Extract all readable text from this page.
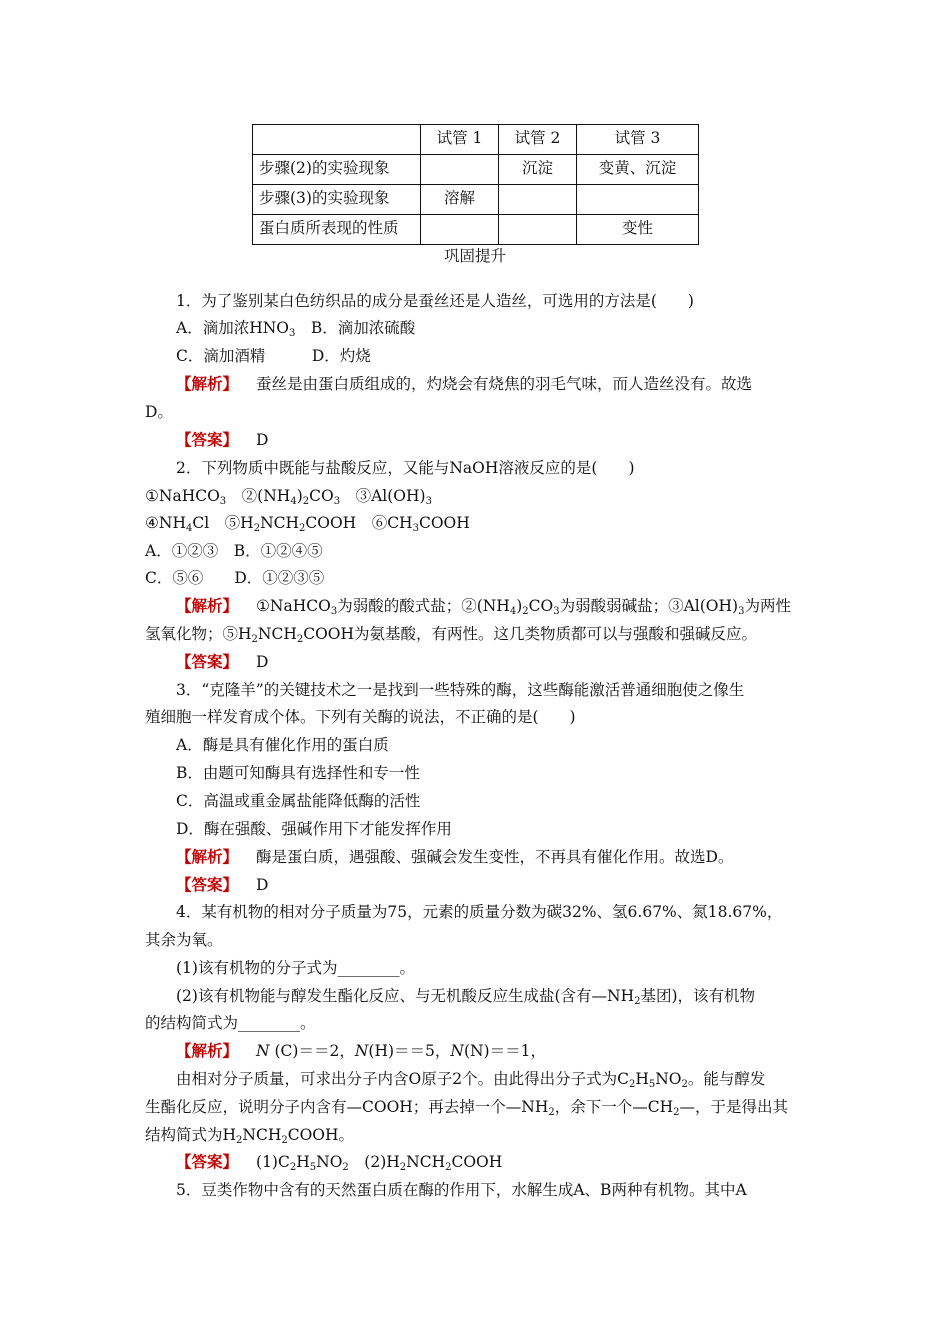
	试管 1	试管 2	试管 3
步骤(2)的实验现象		沉淀	变黄、沉淀
步骤(3)的实验现象	溶解		
蛋白质所表现的性质			变性
巩固提升
1．为了鉴别某白色纺织品的成分是蚕丝还是人造丝，可选用的方法是(　　)
A．滴加浓$HNO_3$　B．滴加浓硫酸
C．滴加酒精　　　D．灼烧
【解析】 蚕丝是由蛋白质组成的，灼烧会有烧焦的羽毛气味，而人造丝没有。故选
D。
【答案】 D
2．下列物质中既能与盐酸反应，又能与NaOH溶液反应的是(　　)
①NaHCO$_3$　$②(NH_4)_2CO_3$　$③Al(OH)_3$
$④NH_4Cl$　$⑤H_2NCH_2COOH$　$⑥CH_3COOH$
A．①②③　B．①②④⑤
C．⑤⑥　　D．①②③⑤
【解析】 ①NaHCO$_3$为弱酸的酸式盐；$②(NH_4)_2CO_3$为弱酸弱碱盐；$③Al(OH)_3$为两性
氢氧化物；$⑤H_2NCH_2COOH$为氨基酸，有两性。这几类物质都可以与强酸和强碱反应。
【答案】 D
3．“克隆羊”的关键技术之一是找到一些特殊的酶，这些酶能激活普通细胞使之像生
殖细胞一样发育成个体。下列有关酶的说法，不正确的是(　　)
A．酶是具有催化作用的蛋白质
B．由题可知酶具有选择性和专一性
C．高温或重金属盐能降低酶的活性
D．酶在强酸、强碱作用下才能发挥作用
【解析】 酶是蛋白质，遇强酸、强碱会发生变性，不再具有催化作用。故选D。
【答案】 D
4．某有机物的相对分子质量为75，元素的质量分数为碳32%、氢6.67%、氮18.67%，
其余为氧。
(1)该有机物的分子式为________。
(2)该有机物能与醇发生酯化反应、与无机酸反应生成盐(含有$—NH_2$基团)，该有机物
的结构简式为________。
【解析】 N (C)＝＝2，N(H)＝＝5，N(N)＝＝1，
由相对分子质量，可求出分子内含O原子2个。由此得出分子式为$C_2H_5NO_2$。能与醇发
生酯化反应，说明分子内含有—COOH；再去掉一个$—NH_2$，余下一个$—CH_2—$，于是得出其
结构简式为$H_2NCH_2COOH$。
【答案】 $(1)C_2H_5NO_2$　$(2)H_2NCH_2COOH$
5．豆类作物中含有的天然蛋白质在酶的作用下，水解生成A、B两种有机物。其中A
